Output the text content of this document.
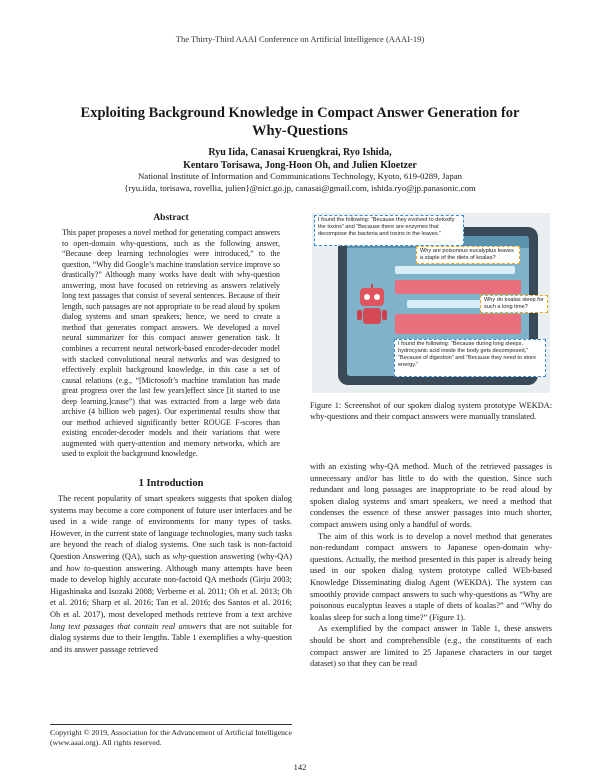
The Thirty-Third AAAI Conference on Artificial Intelligence (AAAI-19)
Exploiting Background Knowledge in Compact Answer Generation for
Why-Questions
Ryu Iida, Canasai Kruengkrai, Ryo Ishida,
Kentaro Torisawa, Jong-Hoon Oh, and Julien Kloetzer
National Institute of Information and Communications Technology, Kyoto, 619-0289, Japan
{ryu.iida, torisawa, rovellia, julien}@nict.go.jp, canasai@gmail.com, ishida.ryo@jp.panasonic.com
Abstract
This paper proposes a novel method for generating compact answers to open-domain why-questions, such as the following answer, “Because deep learning technologies were introduced,” to the question, “Why did Google’s machine translation service improve so drastically?” Although many works have dealt with why-question answering, most have focused on retrieving as answers relatively long text passages that consist of several sentences. Because of their length, such passages are not appropriate to be read aloud by spoken dialog systems and smart speakers; hence, we need to create a method that generates compact answers. We developed a novel neural summarizer for this compact answer generation task. It combines a recurrent neural network-based encoder-decoder model with stacked convolutional neural networks and was designed to effectively exploit background knowledge, in this case a set of causal relations (e.g., “[Microsoft’s machine translation has made great progress over the last few years]effect since [it started to use deep learning.]cause”) that was extracted from a large web data archive (4 billion web pages). Our experimental results show that our method achieved significantly better ROUGE F-scores than existing encoder-decoder models and their variations that were augmented with query-attention and memory networks, which are used to exploit the background knowledge.
1 Introduction

The recent popularity of smart speakers suggests that spoken dialog systems may become a core component of future user interfaces and be used in a wide range of environments for many types of tasks. However, in the current state of language technologies, many such tasks are beyond the reach of dialog systems. One such task is non-factoid Question Answering (QA), such as why-question answering (why-QA) and how to-question answering. Although many attempts have been made to develop highly accurate non-factoid QA methods (Girju 2003; Higashinaka and Isozaki 2008; Verberne et al. 2011; Oh et al. 2013; Oh et al. 2016; Sharp et al. 2016; Tan et al. 2016; dos Santos et al. 2016; Oh et al. 2017), most developed methods retrieve from a text archive long text passages that contain real answers that are not suitable for dialog systems due to their lengths. Table 1 exemplifies a why-question and its answer passage retrieved

Copyright © 2019, Association for the Advancement of Artificial Intelligence (www.aaai.org). All rights reserved.
I found the following: “Because they evolved to detoxify the toxins” and “Because there are enzymes that decompose the bacteria and toxins in the leaves.”
Why are poisonous eucalyptus leaves a staple of the diets of koalas?
Why do koalas sleep for such a long time?
I found the following: “Because during long sleeps, hydrocyanic acid inside the body gets decomposed,” “Because of digestion” and “Because they need to store energy.”
Figure 1: Screenshot of our spoken dialog system prototype WEKDA: why-questions and their compact answers were manually translated.

with an existing why-QA method. Much of the retrieved passages is unnecessary and/or has little to do with the question. Since such redundant and long passages are inappropriate to be read aloud by spoken dialog systems and smart speakers, we need a method that condenses the essence of these answer passages into much shorter, compact answers using only a handful of words.

The aim of this work is to develop a novel method that generates non-redundant compact answers to Japanese open-domain why-questions. Actually, the method presented in this paper is already being used in our spoken dialog system prototype called WEb-based Knowledge Disseminating dialog Agent (WEKDA). The system can smoothly provide compact answers to such why-questions as “Why are poisonous eucalyptus leaves a staple of diets of koalas?” and “Why do koalas sleep for such a long time?” (Figure 1).

As exemplified by the compact answer in Table 1, these answers should be short and comprehensible (e.g., the constituents of each compact answer are limited to 25 Japanese characters in our target dataset) so that they can be read

142
